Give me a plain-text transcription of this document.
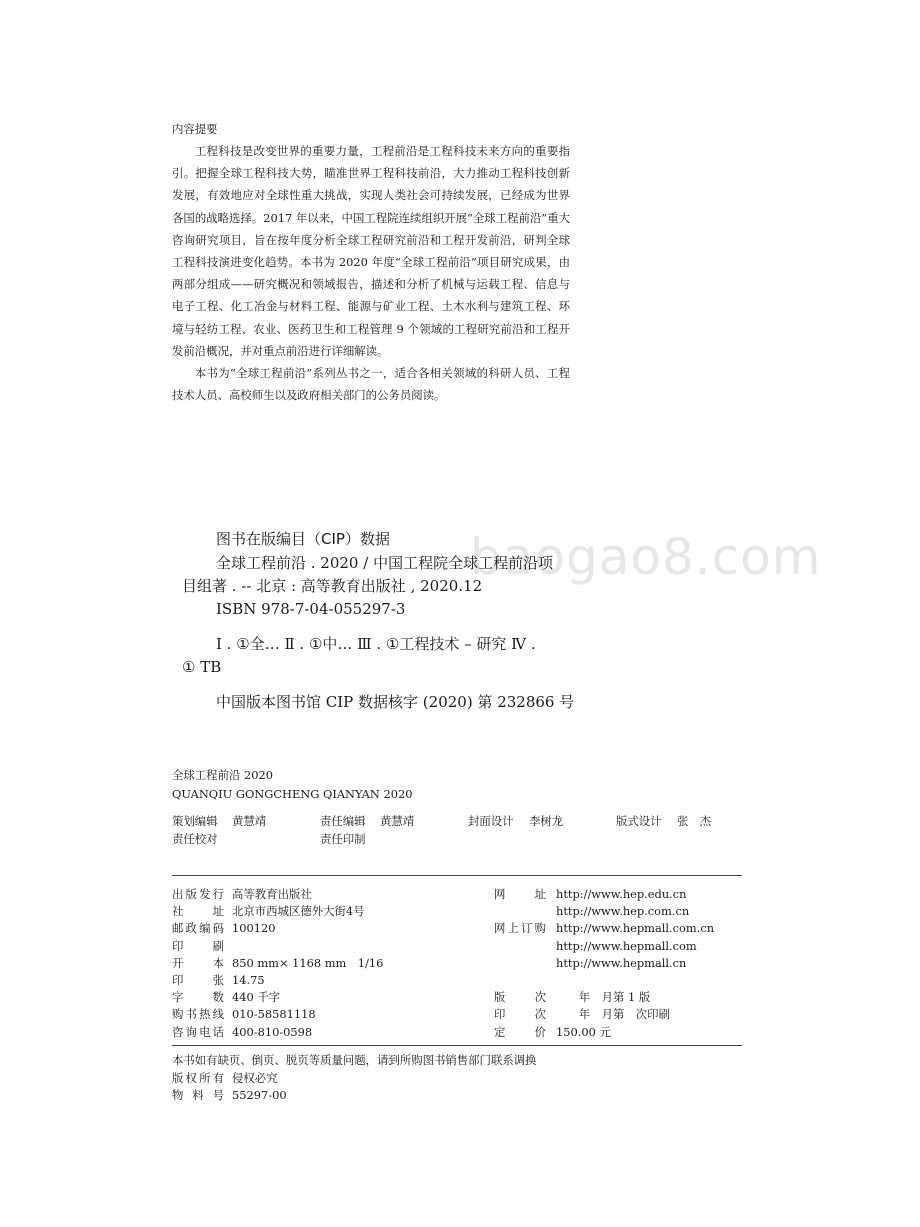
内容提要

工程科技是改变世界的重要力量，工程前沿是工程科技未来方向的重要指引。把握全球工程科技大势，瞄准世界工程科技前沿，大力推动工程科技创新发展，有效地应对全球性重大挑战，实现人类社会可持续发展，已经成为世界各国的战略选择。2017 年以来，中国工程院连续组织开展“全球工程前沿”重大咨询研究项目，旨在按年度分析全球工程研究前沿和工程开发前沿，研判全球工程科技演进变化趋势。本书为 2020 年度“全球工程前沿”项目研究成果，由两部分组成——研究概况和领域报告，描述和分析了机械与运载工程、信息与电子工程、化工冶金与材料工程、能源与矿业工程、土木水利与建筑工程、环境与轻纺工程、农业、医药卫生和工程管理 9 个领域的工程研究前沿和工程开发前沿概况，并对重点前沿进行详细解读。

本书为“全球工程前沿”系列丛书之一，适合各相关领域的科研人员、工程技术人员、高校师生以及政府相关部门的公务员阅读。

baogao8.com
图书在版编目（CIP）数据
全球工程前沿 . 2020 / 中国工程院全球工程前沿项
目组著 . -- 北京 : 高等教育出版社 , 2020.12
ISBN 978-7-04-055297-3
Ⅰ . ①全… Ⅱ . ①中… Ⅲ . ①工程技术 – 研究 Ⅳ .
① TB
中国版本图书馆 CIP 数据核字 (2020) 第 232866 号
全球工程前沿 2020
QUANQIU GONGCHENG QIANYAN 2020
策划编辑 黄慧靖	责任编辑 黄慧靖	封面设计 李树龙	版式设计 张　杰
责任校对	责任印制
出版发行 高等教育出版社	网址 http://www.hep.edu.cn
社址 北京市西城区德外大街4号	http://www.hep.com.cn
邮政编码 100120	网上订购 http://www.hepmall.com.cn
印刷	http://www.hepmall.com
开本 850 mm× 1168 mm　1/16	http://www.hepmall.cn
印张 14.75
字数 440 千字	版次 　　年　月第 1 版
购书热线 010-58581118	印次 　　年　月第　次印刷
咨询电话 400-810-0598	定价 150.00 元
本书如有缺页、倒页、脱页等质量问题，请到所购图书销售部门联系调换
版权所有 侵权必究
物料号 55297-00
